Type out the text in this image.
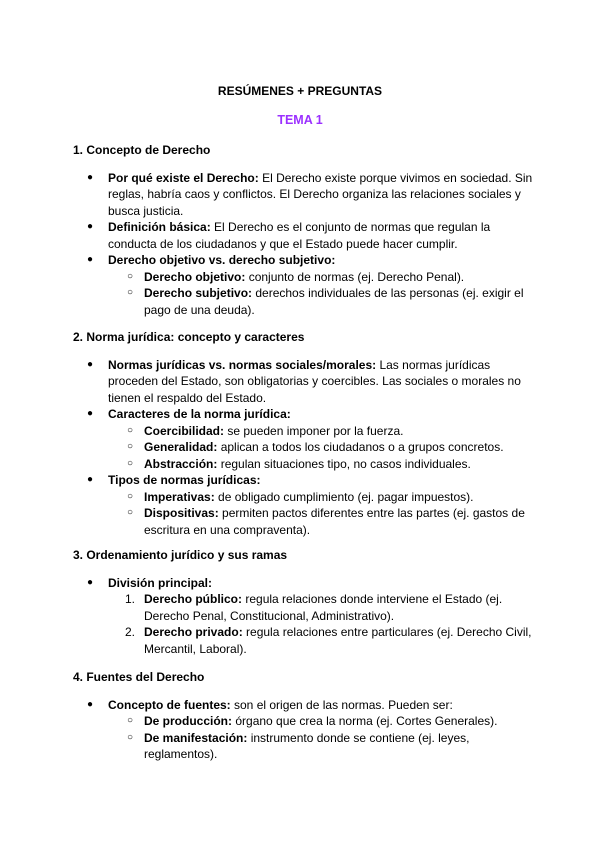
RESÚMENES + PREGUNTAS
TEMA 1

1. Concepto de Derecho

●	Por qué existe el Derecho: El Derecho existe porque vivimos en sociedad. Sin reglas, habría caos y conflictos. El Derecho organiza las relaciones sociales y busca justicia.
●	Definición básica: El Derecho es el conjunto de normas que regulan la conducta de los ciudadanos y que el Estado puede hacer cumplir.
●	Derecho objetivo vs. derecho subjetivo:
○ Derecho objetivo: conjunto de normas (ej. Derecho Penal).
○ Derecho subjetivo: derechos individuales de las personas (ej. exigir el pago de una deuda).

2. Norma jurídica: concepto y caracteres

●	Normas jurídicas vs. normas sociales/morales: Las normas jurídicas proceden del Estado, son obligatorias y coercibles. Las sociales o morales no tienen el respaldo del Estado.
●	Caracteres de la norma jurídica:
○ Coercibilidad: se pueden imponer por la fuerza.
○ Generalidad: aplican a todos los ciudadanos o a grupos concretos.
○ Abstracción: regulan situaciones tipo, no casos individuales.
●	Tipos de normas jurídicas:
○ Imperativas: de obligado cumplimiento (ej. pagar impuestos).
○ Dispositivas: permiten pactos diferentes entre las partes (ej. gastos de escritura en una compraventa).

3. Ordenamiento jurídico y sus ramas

●	División principal:
1. Derecho público: regula relaciones donde interviene el Estado (ej. Derecho Penal, Constitucional, Administrativo).
2. Derecho privado: regula relaciones entre particulares (ej. Derecho Civil, Mercantil, Laboral).

4. Fuentes del Derecho

●	Concepto de fuentes: son el origen de las normas. Pueden ser:
○ De producción: órgano que crea la norma (ej. Cortes Generales).
○ De manifestación: instrumento donde se contiene (ej. leyes, reglamentos).
